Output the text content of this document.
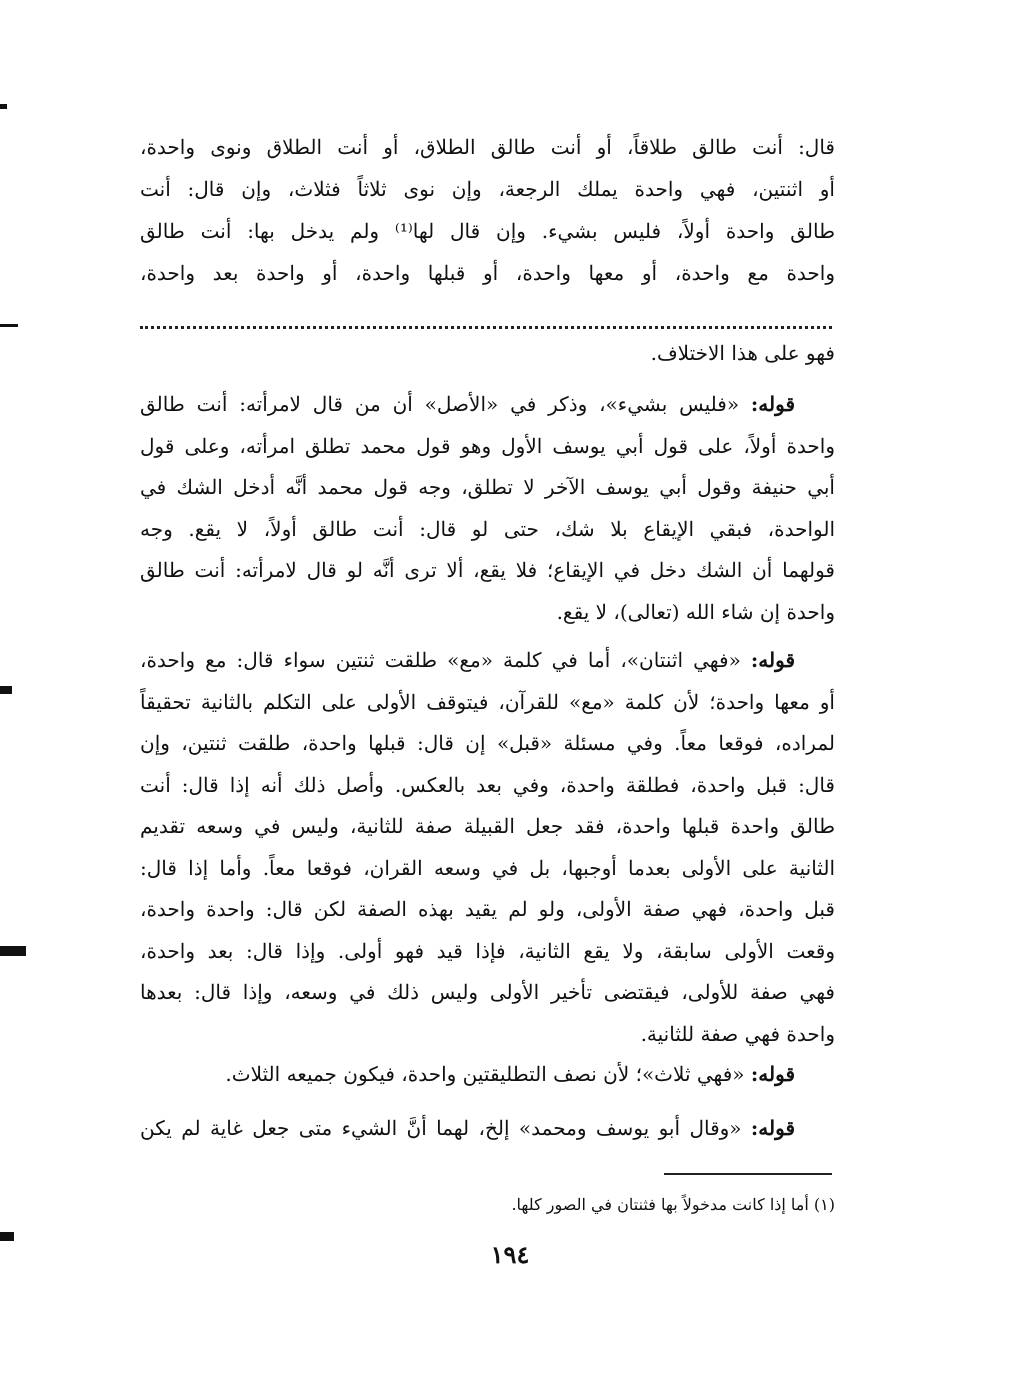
قال: أنت طالق طلاقاً، أو أنت طالق الطلاق، أو أنت الطلاق ونوى واحدة،
أو اثنتين، فهي واحدة يملك الرجعة، وإن نوى ثلاثاً فثلاث، وإن قال: أنت
طالق واحدة أولاً، فليس بشيء. وإن قال لها⁽¹⁾ ولم يدخل بها: أنت طالق
واحدة مع واحدة، أو معها واحدة، أو قبلها واحدة، أو واحدة بعد واحدة،
فهو على هذا الاختلاف.
قوله: «فليس بشيء»، وذكر في «الأصل» أن من قال لامرأته: أنت طالق
واحدة أولاً، على قول أبي يوسف الأول وهو قول محمد تطلق امرأته، وعلى قول
أبي حنيفة وقول أبي يوسف الآخر لا تطلق، وجه قول محمد أنَّه أدخل الشك في
الواحدة، فبقي الإيقاع بلا شك، حتى لو قال: أنت طالق أولاً، لا يقع. وجه
قولهما أن الشك دخل في الإيقاع؛ فلا يقع، ألا ترى أنَّه لو قال لامرأته: أنت طالق
واحدة إن شاء الله (تعالى)، لا يقع.
قوله: «فهي اثنتان»، أما في كلمة «مع» طلقت ثنتين سواء قال: مع واحدة،
أو معها واحدة؛ لأن كلمة «مع» للقرآن، فيتوقف الأولى على التكلم بالثانية تحقيقاً
لمراده، فوقعا معاً. وفي مسئلة «قبل» إن قال: قبلها واحدة، طلقت ثنتين، وإن
قال: قبل واحدة، فطلقة واحدة، وفي بعد بالعكس. وأصل ذلك أنه إذا قال: أنت
طالق واحدة قبلها واحدة، فقد جعل القبيلة صفة للثانية، وليس في وسعه تقديم
الثانية على الأولى بعدما أوجبها، بل في وسعه القران، فوقعا معاً. وأما إذا قال:
قبل واحدة، فهي صفة الأولى، ولو لم يقيد بهذه الصفة لكن قال: واحدة واحدة،
وقعت الأولى سابقة، ولا يقع الثانية، فإذا قيد فهو أولى. وإذا قال: بعد واحدة،
فهي صفة للأولى، فيقتضى تأخير الأولى وليس ذلك في وسعه، وإذا قال: بعدها
واحدة فهي صفة للثانية.
قوله: «فهي ثلاث»؛ لأن نصف التطليقتين واحدة، فيكون جميعه الثلاث.
قوله: «وقال أبو يوسف ومحمد» إلخ، لهما أنَّ الشيء متى جعل غاية لم يكن
(١) أما إذا كانت مدخولاً بها فثنتان في الصور كلها.
١٩٤
